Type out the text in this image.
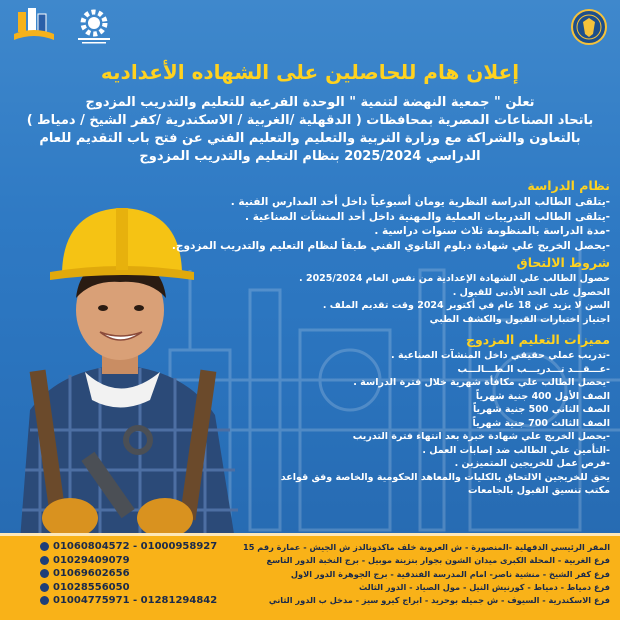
إعلان هام للحاصلين على الشهاده الأعداديه
تعلن " جمعية النهضة لتنمية " الوحدة الفرعية للتعليم والتدريب المزدوج
باتحاد الصناعات المصرية بمحافظات ( الدقهلية /الغربية / الاسكندرية /كفر الشيخ / دمياط )
بالتعاون والشراكة مع وزارة التربية والتعليم والتعليم الفني عن فتح باب التقديم للعام
الدراسي 2025/2024 بنظام التعليم والتدريب المزدوج
نظام الدراسة
-يتلقى الطالب الدراسة النظرية يومان أسبوعياً داخل أحد المدارس الفنية .
-يتلقى الطالب التدريبات العملية والمهنية داخل أحد المنشآت الصناعية .
-مدة الدراسة بالمنظومة ثلاث سنوات دراسية .
-يحصل الخريج علي شهادة دبلوم الثانوي الفني طبقاً لنظام التعليم والتدريب المزدوج.
شروط الالتحاق
حصول الطالب علي الشهادة الإعدادية من نفس العام 2025/2024 .
الحصول على الحد الأدنى للقبول .
السن لا يزيد عن 18 عام في أكتوبر 2024 وقت تقديم الملف .
اجتياز اختبارات القبول والكشف الطبي
مميزات التعليم المزدوج
-تدريب عملي حقيقي داخل المنشآت الصناعية .
-عـــقـــد تـــدريـــب الـطـــالـــب
-يحصل الطالب علي مكافأة شهرية خلال فترة الدراسة .
الصف الأول 400 جنية شهرياً
الصف الثاني 500 جنية شهرياً
الصف الثالث 700 جنية شهرياً
-يحصل الخريج علي شهادة خبرة بعد انتهاء فترة التدريب
-التأمين علي الطالب ضد إصابات العمل .
-فرص عمل للخريجين المتميزين .
يحق للخريجين الالتحاق بالكليات والمعاهد الحكومية والخاصة وفق قواعد
مكتب تنسيق القبول بالجامعات
01060804572 - 01000958927
01029409079
01069602656
01028556050
01004775971 - 01281294842
المقر الرئيسي الدقهلية -المنصورة - ش العروبة خلف ماكدونالدز ش الجيش - عمارة رقم 15
فرع الغربية - المحلة الكبرى ميدان الشون بجوار بنزينة موبيل - برج النخبة الدور التاسع
فرع كفر الشيخ - منشية ناصر- امام المدرسة الفندقية - برج الجوهرة الدور الاول
فرع دمياط - دمياط - كورنيش النيل - مول الصياد - الدور الثالث
فرع الاسكندرية - السيوف - ش جميله بوحريد - ابراج كيرو سيز - مدخل ب الدور الثاني
